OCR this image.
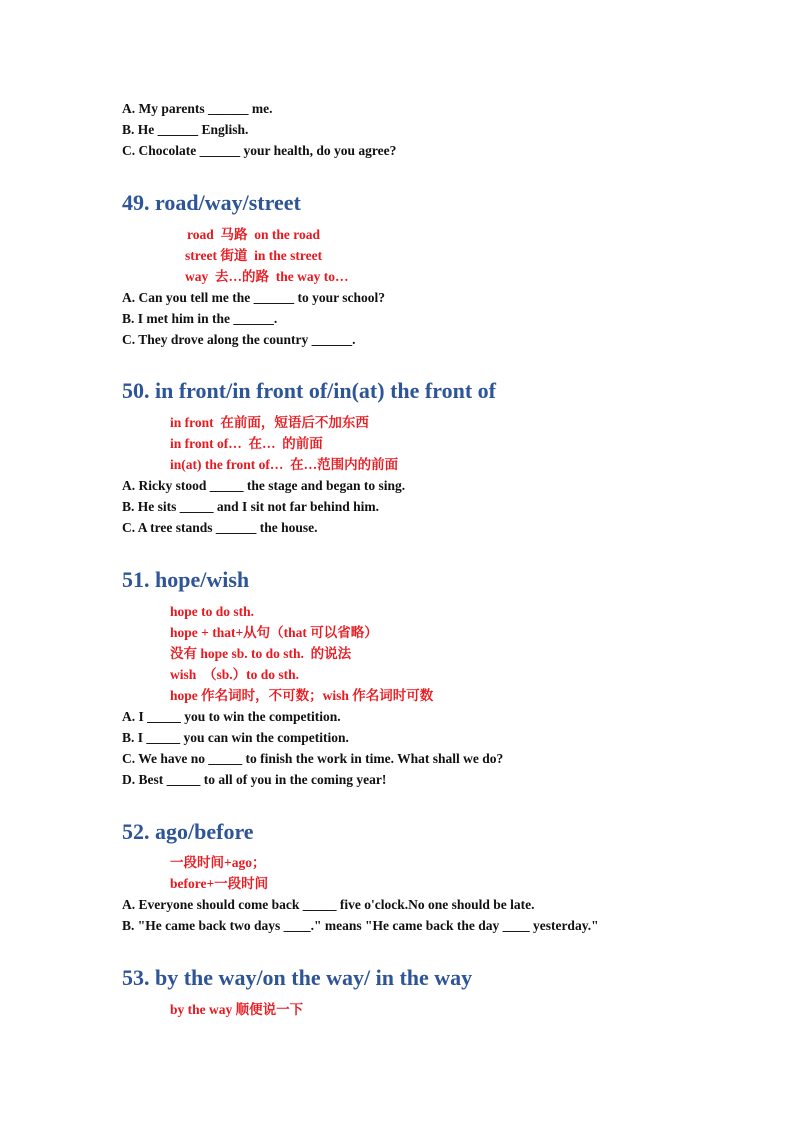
A. My parents ______ me.
B. He ______ English.
C. Chocolate ______ your health, do you agree?
49. road/way/street
road  马路  on the road
street 街道  in the street
way  去…的路  the way to…
A. Can you tell me the ______ to your school?
B. I met him in the ______.
C. They drove along the country ______.
50. in front/in front of/in(at) the front of
in front  在前面，短语后不加东西
in front of…  在…  的前面
in(at) the front of…  在…范围内的前面
A. Ricky stood _____ the stage and began to sing.
B. He sits _____ and I sit not far behind him.
C. A tree stands ______ the house.
51. hope/wish
hope to do sth.
hope + that+从句（that 可以省略）
没有 hope sb. to do sth.  的说法
wish  （sb.）to do sth.
hope 作名词时，不可数；wish 作名词时可数
A. I _____ you to win the competition.
B. I _____ you can win the competition.
C. We have no _____ to finish the work in time. What shall we do?
D. Best _____ to all of you in the coming year!
52. ago/before
一段时间+ago；
before+一段时间
A. Everyone should come back _____ five o'clock.No one should be late.
B. "He came back two days ____." means "He came back the day ____ yesterday."
53. by the way/on the way/ in the way
by the way 顺便说一下
